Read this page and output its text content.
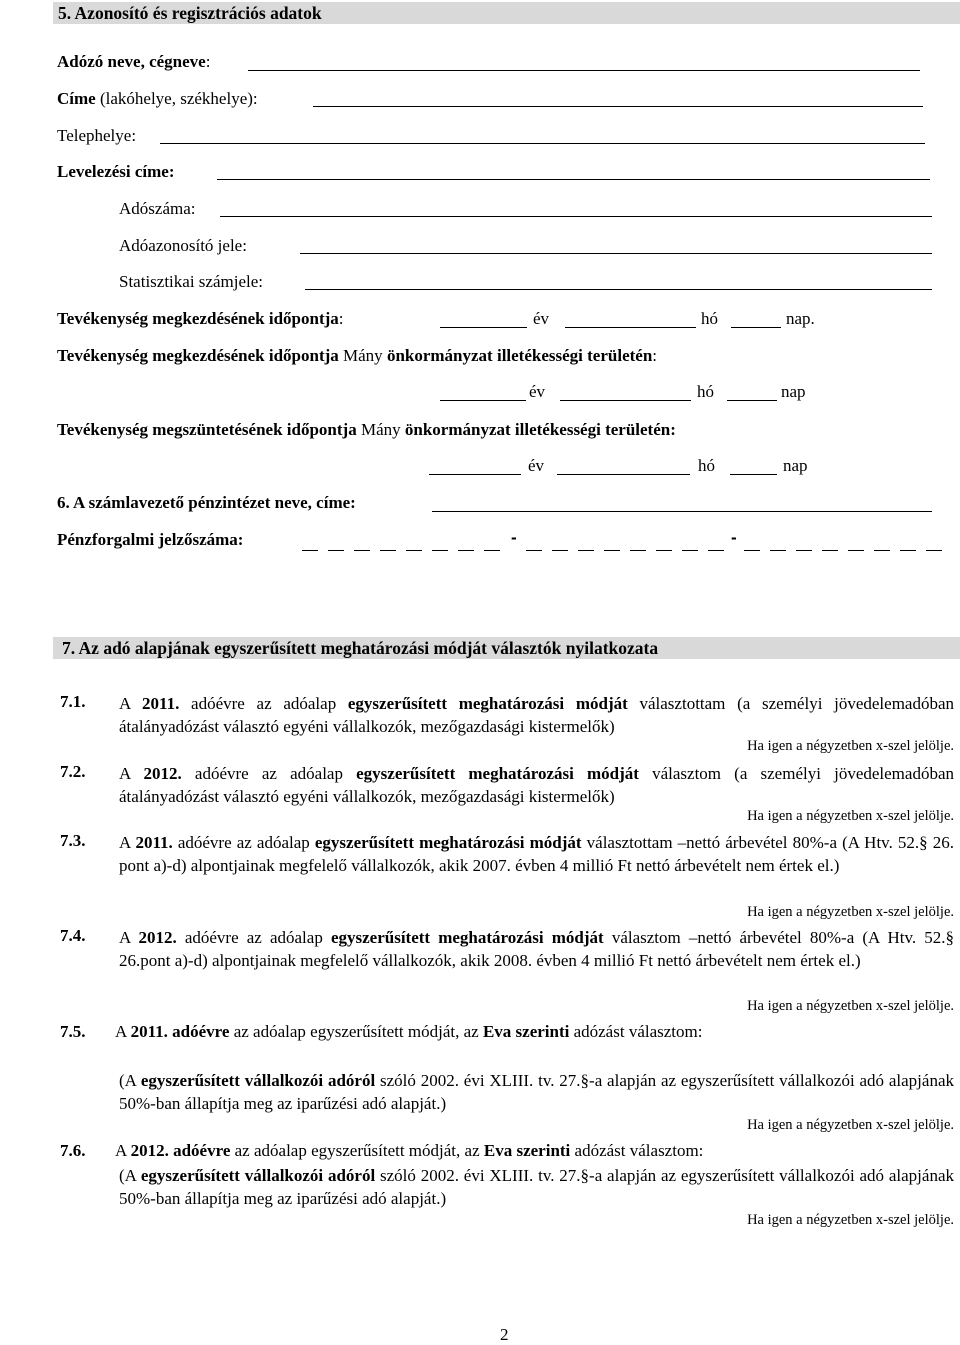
5. Azonosító és regisztrációs adatok
Adózó neve, cégneve:
Címe (lakóhelye, székhelye):
Telephelye:
Levelezési címe:
Adószáma:
Adóazonosító jele:
Statisztikai számjele:
Tevékenység megkezdésének időpontja:	év	hó	nap.
Tevékenység megkezdésének időpontja Mány önkormányzat illetékességi területén:
év	hó	nap
Tevékenység megszüntetésének időpontja Mány önkormányzat illetékességi területén:
év	hó	nap
6. A számlavezető pénzintézet neve, címe:
Pénzforgalmi jelzőszáma:	-	-
7. Az adó alapjának egyszerűsített meghatározási módját választók nyilatkozata
7.1. A 2011. adóévre az adóalap egyszerűsített meghatározási módját választottam (a személyi jövedelemadóban átalányadózást választó egyéni vállalkozók, mezőgazdasági kistermelők)
Ha igen a négyzetben x-szel jelölje.
7.2. A 2012. adóévre az adóalap egyszerűsített meghatározási módját választom (a személyi jövedelemadóban átalányadózást választó egyéni vállalkozók, mezőgazdasági kistermelők)
Ha igen a négyzetben x-szel jelölje.
7.3. A 2011. adóévre az adóalap egyszerűsített meghatározási módját választottam –nettó árbevétel 80%-a (A Htv. 52.§ 26. pont a)-d) alpontjainak megfelelő vállalkozók, akik 2007. évben 4 millió Ft nettó árbevételt nem értek el.)
Ha igen a négyzetben x-szel jelölje.
7.4. A 2012. adóévre az adóalap egyszerűsített meghatározási módját választom –nettó árbevétel 80%-a (A Htv. 52.§ 26.pont a)-d) alpontjainak megfelelő vállalkozók, akik 2008. évben 4 millió Ft nettó árbevételt nem értek el.)
Ha igen a négyzetben x-szel jelölje.
7.5. A 2011. adóévre az adóalap egyszerűsített módját, az Eva szerinti adózást választom:
(A egyszerűsített vállalkozói adóról szóló 2002. évi XLIII. tv. 27.§-a alapján az egyszerűsített vállalkozói adó alapjának 50%-ban állapítja meg az iparűzési adó alapját.)
Ha igen a négyzetben x-szel jelölje.
7.6. A 2012. adóévre az adóalap egyszerűsített módját, az Eva szerinti adózást választom:
(A egyszerűsített vállalkozói adóról szóló 2002. évi XLIII. tv. 27.§-a alapján az egyszerűsített vállalkozói adó alapjának 50%-ban állapítja meg az iparűzési adó alapját.)
Ha igen a négyzetben x-szel jelölje.
2
